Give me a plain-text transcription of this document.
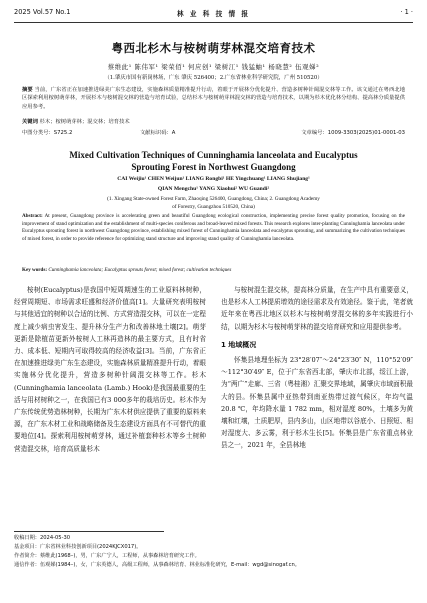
2025 Vol.57 No.1	林 业 科 技 情 报	· 1 ·
粤西北杉木与桉树萌芽林混交培育技术
蔡维此¹ 陈伟军¹ 梁荣佰¹ 何应创¹ 梁树江¹ 钱猛蚰¹ 杨晓慧² 伍观娣²
（1.肇庆市国有新岗林场，广东 肇庆 526400；2.广东省林业科学研究院，广州 510520）
摘要 当前，广东省正在加速推进绿美广东生态建设，实施森林质量精准提升行动，着眼于开展林分优化提升、营造多树种针阔混交林等工作。该文通过在粤西北地区探索利用桉树萌芽林，开展杉木与桉树混交林的营造与培育试验，总结杉木与桉树萌芽林混交林的营造与培育技术，以期为杉木优化林分结构、提高林分质量提供应用参考。
关键词 杉木；桉树萌芽林；混交林；培育技术
中图分类号：S725.2	文献标识码：A	文章编号：1009-3303(2025)01-0001-03
Mixed Cultivation Techniques of Cunninghamia lanceolata and Eucalyptus
Sprouting Forest in Northwest Guangdong
CAI Weijiu¹ CHEN Weijun¹ LIANG Rongbi¹ HE Yingchuang¹ LIANG Shujiang¹
QIAN Mengchu¹ YANG Xiaohui² WU Guandi²
(1. Xingang State-owned Forest Farm, Zhaoqing 526400, Guangdong, China; 2. Guangdong Academy
of Forestry, Guangzhou 510520, China)
Abstract: At present, Guangdong province is accelerating green and beautiful Guangdong ecological construction, implementing precise forest quality promotion, focusing on the improvement of stand optimization and the establishment of multi-species coniferous and broad-leaved mixed forests. This research explores inter-planting Cunninghamia lanceolata under Eucalyptus sprouting forest in northwest Guangdong province, establishing mixed forest of Cunninghamia lanceolata and eucalyptus sprouting, and summarizing the cultivation techniques of mixed forest, in order to provide reference for optimizing stand structure and improving stand quality of Cunninghamia lanceolata.
Key words: Cunninghamia lanceolata; Eucalyptus sprouts forest; mixed forest; cultivation techniques

桉树(Eucalyptus)是我国中短周期速生的工业原料林树种，经营周期短、市场需求旺盛和经济价值高[1]。大量研究表明桉树与其他适宜的树种以合适的比例、方式营造混交林，可以在一定程度上减少病虫害发生、提升林分生产力和改善林地土壤[2]。萌芽更新是除植苗更新外桉树人工林再造林的最主要方式，且有时省力、成本低、短期内可取得较高的经济收益[3]。当前，广东省正在加速推进绿美广东生态建设，实施森林质量精准提升行动，着眼实施林分优化提升，营造多树种针阔混交林等工作。杉木(Cunninghamia lanceolata (Lamb.) Hook)是我国最重要的生活与用材树种之一，在我国已有3 000多年的栽培历史。杉木作为广东传统优势造林树种，长期为广东木材供应提供了重要的原料来源，在广东木材工业和战略储备及生态建设方面具有不可替代的重要地位[4]。探索利用桉树萌芽林，通过补植套种杉木等乡土树种营造混交林，培育高质量杉木

与桉树混生混交林，提高林分质量，在生产中具有重要意义，也是杉木人工林提质增效的途径需求及有效途径。鉴于此，笔者就近年来在粤西北地区以杉木与桉树萌芽混交林的多年实践进行小结，以期为杉木与桉树萌芽林的混交培育研究和应用提供参考。

1 地域概况

怀集县地理坐标为 23°28′07″～24°23′30″ N，110°52′09″～112°30′49″ E，位于广东省西北部，肇庆市北部，绥江上游，为“两广”走廊、三省（粤桂湘）汇聚交界地域，属肇庆市域面积最大的县。怀集县属中亚热带到南亚热带过渡气候区，年均气温 20.8 ℃，年均降水量 1 782 mm，相对湿度 80%，土壤多为黄壤和红壤，土质肥厚，县内多山，山区地带以谷底小、日照短、相对湿度大、多云雾，利于杉木生长[5]。怀集县是广东省重点林业县之一，2021 年，全县林地

收稿日期：2024-05-30
基金项目：广东省林业科技创新项目(2024KJCX017)。
作者简介：蔡维此(1968–)，男，广东广宁人，工程师，从事森林培育研究工作。
通信作者：伍观娣(1984–)，女，广东英德人，高级工程师，从事森林培育、林业标准化研究，E-mail：wgd@sinogaf.cn。
